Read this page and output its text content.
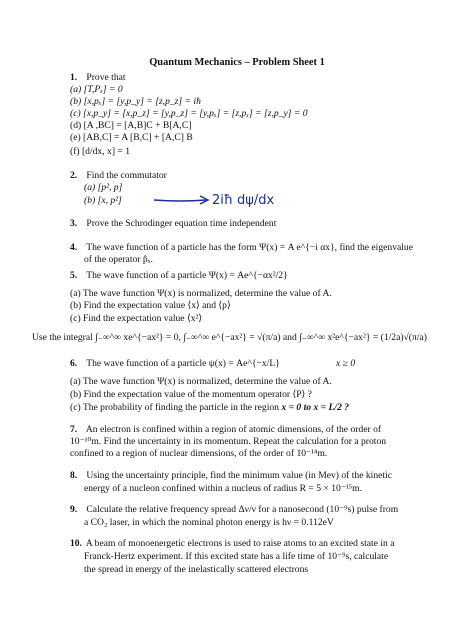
Quantum Mechanics – Problem Sheet 1
1. Prove that
(a) [T,Pₓ] = 0
(b) [x,pₓ] = [y,p_y] = [z,p_z] = iħ
(c) [x,p_y] = [x,p_z] = [y,p_z] = [y,pₓ] = [z,pₓ] = [z,p_y] = 0
(d) [A ,BC] = [A,B]C + B[A,C]
(e) [AB,C] = A [B,C] + [A,C] B
(f) [d/dx, x] = 1
2. Find the commutator
(a) [p², p]
(b) [x, p²]	2iħ dψ/dx
3. Prove the Schrodinger equation time independent
4. The wave function of a particle has the form Ψ(x) = A e^{−i αx}, find the eigenvalue
of the operator p̂ₓ.
5. The wave function of a particle Ψ(x) = Ae^{−αx²/2}
(a) The wave function Ψ(x) is normalized, determine the value of A.
(b) Find the expectation value ⟨x⟩ and ⟨p⟩
(c) Find the expectation value ⟨x²⟩
Use the integral ∫₋∞^∞ xe^{−ax²} = 0, ∫₋∞^∞ e^{−ax²} = √(π/a) and ∫₋∞^∞ x²e^{−ax²} = (1/2a)√(π/a)
6. The wave function of a particle ψ(x) = Ae^{−x/L}	x ≥ 0
(a) The wave function Ψ(x) is normalized, determine the value of A.
(b) Find the expectation value of the momentum operator ⟨P⟩ ?
(c) The probability of finding the particle in the region x = 0 to x = L/2 ?
7. An electron is confined within a region of atomic dimensions, of the order of
10⁻¹⁰m. Find the uncertainty in its momentum. Repeat the calculation for a proton
confined to a region of nuclear dimensions, of the order of 10⁻¹⁴m.
8. Using the uncertainty principle, find the minimum value (in Mev) of the kinetic
energy of a nucleon confined within a nucleus of radius R = 5 × 10⁻¹⁵m.
9. Calculate the relative frequency spread Δν/ν for a nanosecond (10⁻⁹s) pulse from
a CO₂ laser, in which the nominal photon energy is hν = 0.112eV
10. A beam of monoenergetic electrons is used to raise atoms to an excited state in a
Franck-Hertz experiment. If this excited state has a life time of 10⁻⁹s, calculate
the spread in energy of the inelastically scattered electrons
